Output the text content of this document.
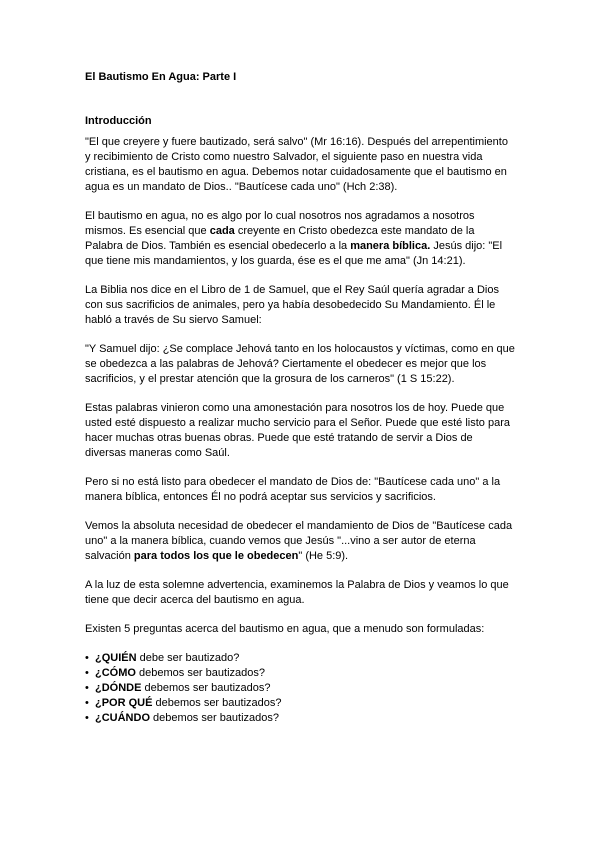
El Bautismo En Agua: Parte I
Introducción

"El que creyere y fuere bautizado, será salvo" (Mr 16:16). Después del arrepentimiento y recibimiento de Cristo como nuestro Salvador, el siguiente paso en nuestra vida cristiana, es el bautismo en agua. Debemos notar cuidadosamente que el bautismo en agua es un mandato de Dios.. "Bautícese cada uno" (Hch 2:38).

El bautismo en agua, no es algo por lo cual nosotros nos agradamos a nosotros mismos. Es esencial que cada creyente en Cristo obedezca este mandato de la Palabra de Dios. También es esencial obedecerlo a la manera bíblica. Jesús dijo: "El que tiene mis mandamientos, y los guarda, ése es el que me ama" (Jn 14:21).

La Biblia nos dice en el Libro de 1 de Samuel, que el Rey Saúl quería agradar a Dios con sus sacrificios de animales, pero ya había desobedecido Su Mandamiento. Él le habló a través de Su siervo Samuel:

"Y Samuel dijo: ¿Se complace Jehová tanto en los holocaustos y víctimas, como en que se obedezca a las palabras de Jehová? Ciertamente el obedecer es mejor que los sacrificios, y el prestar atención que la grosura de los carneros" (1 S 15:22).

Estas palabras vinieron como una amonestación para nosotros los de hoy. Puede que usted esté dispuesto a realizar mucho servicio para el Señor. Puede que esté listo para hacer muchas otras buenas obras. Puede que esté tratando de servir a Dios de diversas maneras como Saúl.

Pero si no está listo para obedecer el mandato de Dios de: "Bautícese cada uno" a la manera bíblica, entonces Él no podrá aceptar sus servicios y sacrificios.

Vemos la absoluta necesidad de obedecer el mandamiento de Dios de "Bautícese cada uno" a la manera bíblica, cuando vemos que Jesús "...vino a ser autor de eterna salvación para todos los que le obedecen" (He 5:9).

A la luz de esta solemne advertencia, examinemos la Palabra de Dios y veamos lo que tiene que decir acerca del bautismo en agua.

Existen 5 preguntas acerca del bautismo en agua, que a menudo son formuladas:

• ¿QUIÉN debe ser bautizado?
• ¿CÓMO debemos ser bautizados?
• ¿DÓNDE debemos ser bautizados?
• ¿POR QUÉ debemos ser bautizados?
• ¿CUÁNDO debemos ser bautizados?
